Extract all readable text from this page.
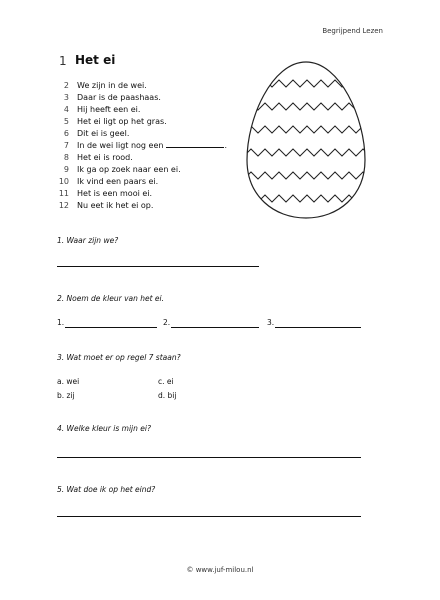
Begrijpend Lezen
1 Het ei
2 We zijn in de wei.
3 Daar is de paashaas.
4 Hij heeft een ei.
5 Het ei ligt op het gras.
6 Dit ei is geel.
7 In de wei ligt nog een	.
8 Het ei is rood.
9 Ik ga op zoek naar een ei.
10 Ik vind een paars ei.
11 Het is een mooi ei.
12 Nu eet ik het ei op.
1. Waar zijn we?
2. Noem de kleur van het ei.
1.	2.	3.
3. Wat moet er op regel 7 staan?
a. wei	c. ei
b. zij	d. bij
4. Welke kleur is mijn ei?
5. Wat doe ik op het eind?
© www.juf-milou.nl
